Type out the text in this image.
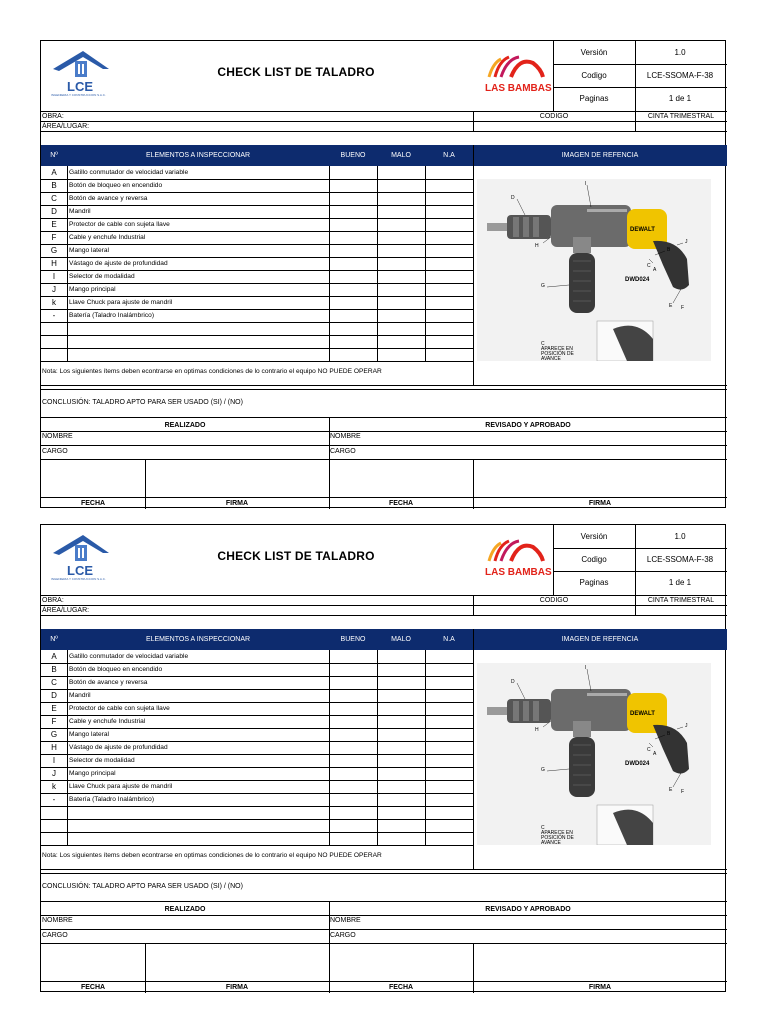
LCE
INGENIERIA Y CONSTRUCCION S.A.C.
CHECK LIST DE TALADRO
LAS BAMBAS
Versión	1.0
Codigo	LCE-SSOMA-F-38
Paginas	1 de 1
OBRA:	CODIGO	CINTA TRIMESTRAL
ÁREA/LUGAR:
Nº	ELEMENTOS A INSPECCIONAR	BUENO	MALO	N.A	IMAGEN DE REFENCIA
A	Gatillo conmutador de velocidad variable
B	Botón de bloqueo en encendido
C	Botón de avance y reversa
D	Mandril
E	Protector de cable con sujeta llave
F	Cable y enchufe Industrial
G	Mango lateral
H	Vástago de ajuste de profundidad
I	Selector de modalidad
J	Mango principal
k	Llave Chuck para ajuste de mandril
-	Batería (Taladro Inalámbrico)
DEWALT
DWD024
C APARECE EN POSICIÓN DE AVANCE
D
I
J
B
C
A
E F
H
G
Nota: Los siguientes ítems deben econtrarse en optimas condiciones de lo contrario el equipo NO PUEDE OPERAR
CONCLUSIÓN: TALADRO APTO PARA SER USADO (SI) / (NO)
REALIZADO	REVISADO Y APROBADO
NOMBRE	NOMBRE
CARGO	CARGO
FECHA	FIRMA	FECHA	FIRMA
LCE
INGENIERIA Y CONSTRUCCION S.A.C.
CHECK LIST DE TALADRO
LAS BAMBAS
Versión	1.0
Codigo	LCE-SSOMA-F-38
Paginas	1 de 1
OBRA:	CODIGO	CINTA TRIMESTRAL
ÁREA/LUGAR:
Nº	ELEMENTOS A INSPECCIONAR	BUENO	MALO	N.A	IMAGEN DE REFENCIA
A	Gatillo conmutador de velocidad variable
B	Botón de bloqueo en encendido
C	Botón de avance y reversa
D	Mandril
E	Protector de cable con sujeta llave
F	Cable y enchufe Industrial
G	Mango lateral
H	Vástago de ajuste de profundidad
I	Selector de modalidad
J	Mango principal
k	Llave Chuck para ajuste de mandril
-	Batería (Taladro Inalámbrico)
DEWALT
DWD024
C APARECE EN POSICIÓN DE AVANCE
D
I
J
B
C
A
E F
H
G
Nota: Los siguientes ítems deben econtrarse en optimas condiciones de lo contrario el equipo NO PUEDE OPERAR
CONCLUSIÓN: TALADRO APTO PARA SER USADO (SI) / (NO)
REALIZADO	REVISADO Y APROBADO
NOMBRE	NOMBRE
CARGO	CARGO
FECHA	FIRMA	FECHA	FIRMA
